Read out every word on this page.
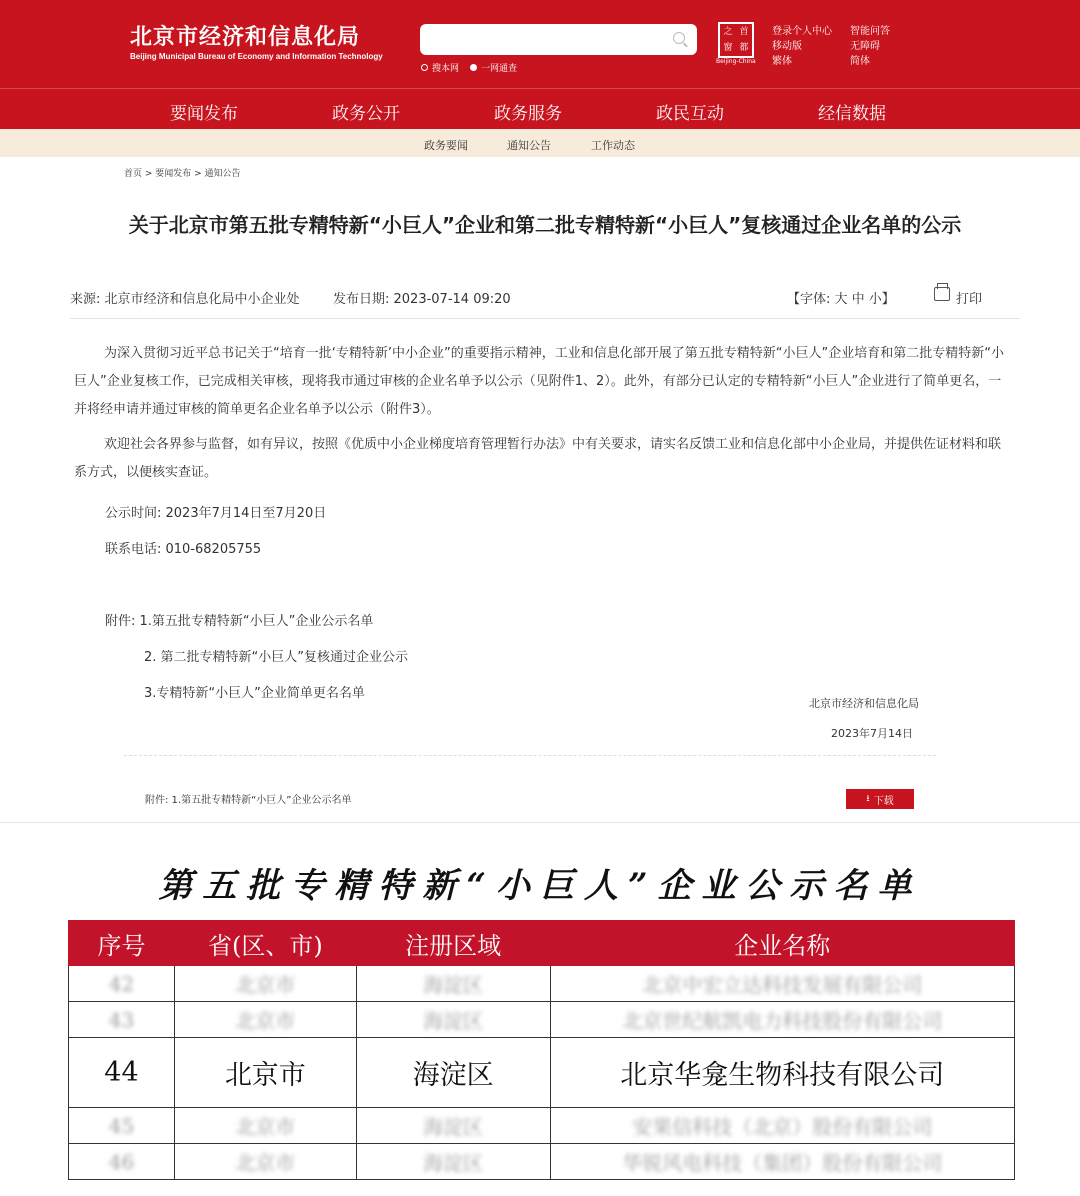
北京市经济和信息化局
Beijing Municipal Bureau of Economy and Information Technology
搜本网 一网通查
之 首
窗 都
Beijing-China
登录个人中心 智能问答
移动版	无障碍
繁体	简体
要闻发布	政务公开	政务服务	政民互动	经信数据
政务要闻	通知公告	工作动态
首页 > 要闻发布 > 通知公告
关于北京市第五批专精特新“小巨人”企业和第二批专精特新“小巨人”复核通过企业名单的公示
来源: 北京市经济和信息化局中小企业处	发布日期: 2023-07-14 09:20	【字体: 大 中 小】	打印

为深入贯彻习近平总书记关于“培育一批‘专精特新’中小企业”的重要指示精神，工业和信息化部开展了第五批专精特新“小巨人”企业培育和第二批专精特新“小巨人”企业复核工作，已完成相关审核，现将我市通过审核的企业名单予以公示（见附件1、2）。此外，有部分已认定的专精特新“小巨人”企业进行了简单更名，一并将经申请并通过审核的简单更名企业名单予以公示（附件3）。

欢迎社会各界参与监督，如有异议，按照《优质中小企业梯度培育管理暂行办法》中有关要求，请实名反馈工业和信息化部中小企业局，并提供佐证材料和联系方式，以便核实查证。

公示时间: 2023年7月14日至7月20日
联系电话: 010-68205755
附件: 1.第五批专精特新“小巨人”企业公示名单
2. 第二批专精特新“小巨人”复核通过企业公示
3.专精特新“小巨人”企业简单更名名单
北京市经济和信息化局
2023年7月14日
附件: 1.第五批专精特新“小巨人”企业公示名单	⭳ 下载
第五批专精特新“小巨人”企业公示名单
序号	省(区、市)	注册区域	企业名称
42	北京市	海淀区	北京中宏立达科技发展有限公司
43	北京市	海淀区	北京世纪航凯电力科技股份有限公司
44	北京市	海淀区	北京华龛生物科技有限公司
45	北京市	海淀区	安果信科技（北京）股份有限公司
46	北京市	海淀区	华锐风电科技（集团）股份有限公司
